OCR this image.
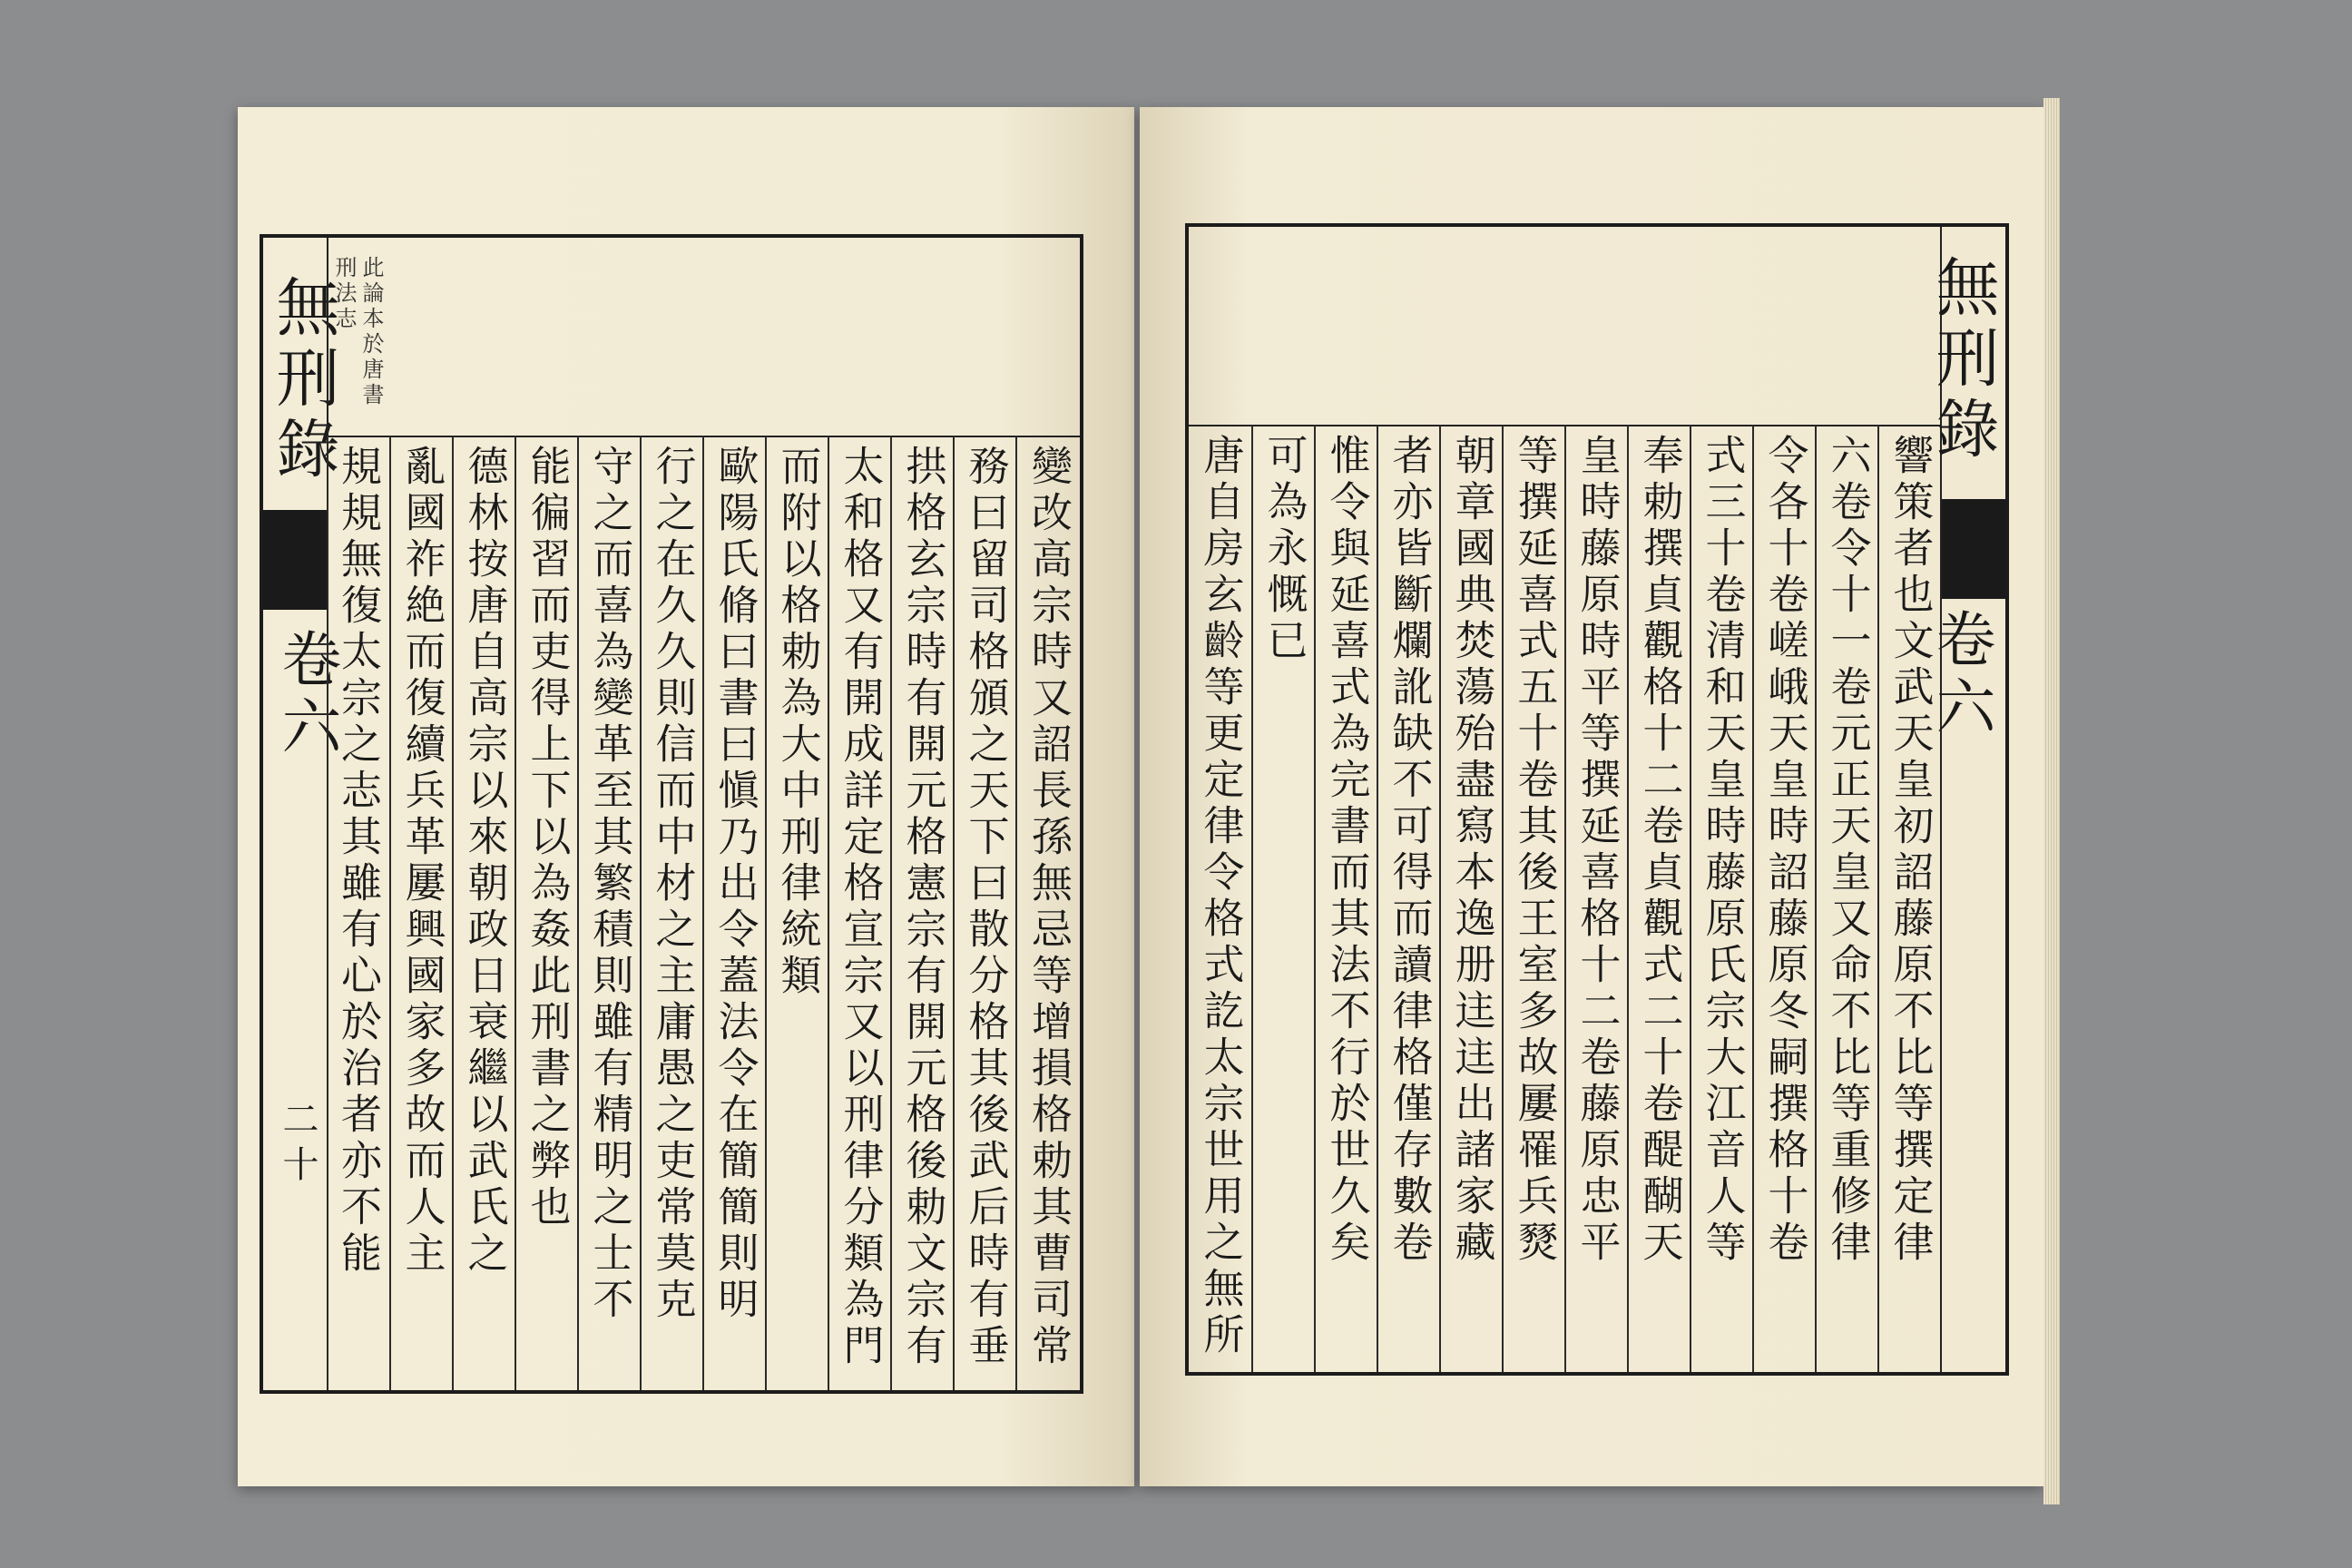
無刑錄
卷六
二十
此論本於唐書
刑法志

規規無復太宗之志其雖有心於治者亦不能 亂國祚絶而復續兵革屢興國家多故而人主 德林按唐自高宗以來朝政日衰繼以武氏之 能徧習而吏得上下以為姦此刑書之弊也 守之而喜為變革至其繁積則雖有精明之士不 行之在久久則信而中材之主庸愚之吏常莫克 歐陽氏脩曰書曰愼乃出令蓋法令在簡簡則明 而附以格勅為大中刑律統類 太和格又有開成詳定格宣宗又以刑律分類為門 拱格玄宗時有開元格憲宗有開元格後勅文宗有 務曰留司格頒之天下曰散分格其後武后時有垂 變改高宗時又詔長孫無忌等增損格勅其曹司常
　　　　　	唐自房玄齡等更定律令格式訖太宗世用之無所 可為永慨已 惟令與延喜式為完書而其法不行於世久矣 者亦皆斷爛訛缺不可得而讀律格僅存數卷 朝章國典焚蕩殆盡寫本逸册迬迬出諸家藏 等撰延喜式五十卷其後王室多故屢罹兵燹 皇時藤原時平等撰延喜格十二卷藤原忠平 奉勅撰貞觀格十二卷貞觀式二十卷醍醐天 式三十卷清和天皇時藤原氏宗大江音人等 令各十卷嵯峨天皇時詔藤原冬嗣撰格十卷 六卷令十一卷元正天皇又命不比等重修律 響策者也文武天皇初詔藤原不比等撰定律
無刑錄
卷六
